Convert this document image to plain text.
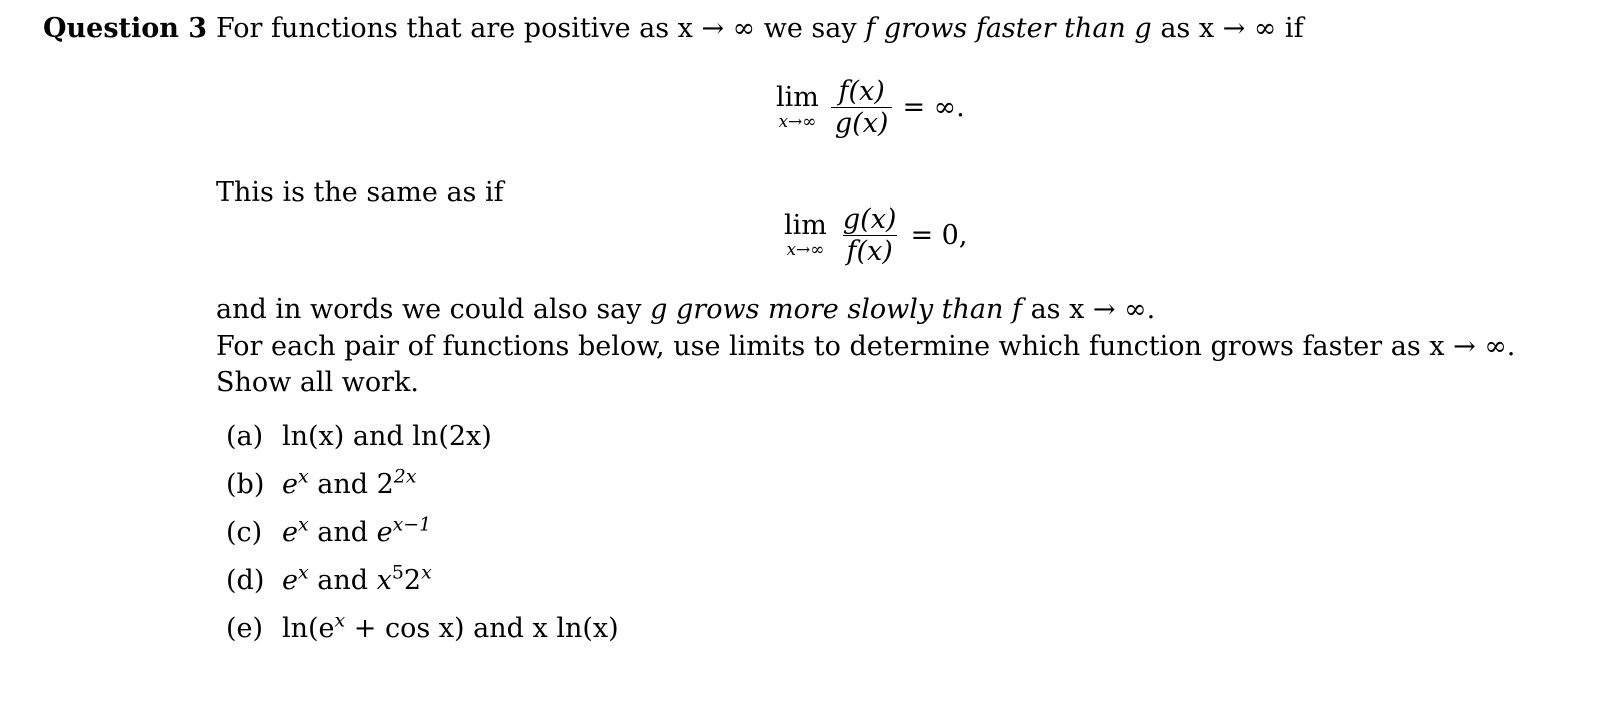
Question 3 For functions that are positive as x → ∞ we say f grows faster than g as x → ∞ if
lim
$x\to\infty \frac{f(x)}{g(x)}$ = ∞.
This is the same as if
lim
$x\to\infty \frac{g(x)}{f(x)} = 0$,
and in words we could also say g grows more slowly than f as x → ∞.
For each pair of functions below, use limits to determine which function grows faster as x → ∞. Show all work.
(a) ln(x)
and
ln(2x)
(b) $e^x$
and
$2^{2x}$
(c) $e^x$
and
$e^{x-1}$
(d) $e^x$
and
$x^52^x$
(e) $\ln(e^x + \cos x)$
and
x ln(x)
